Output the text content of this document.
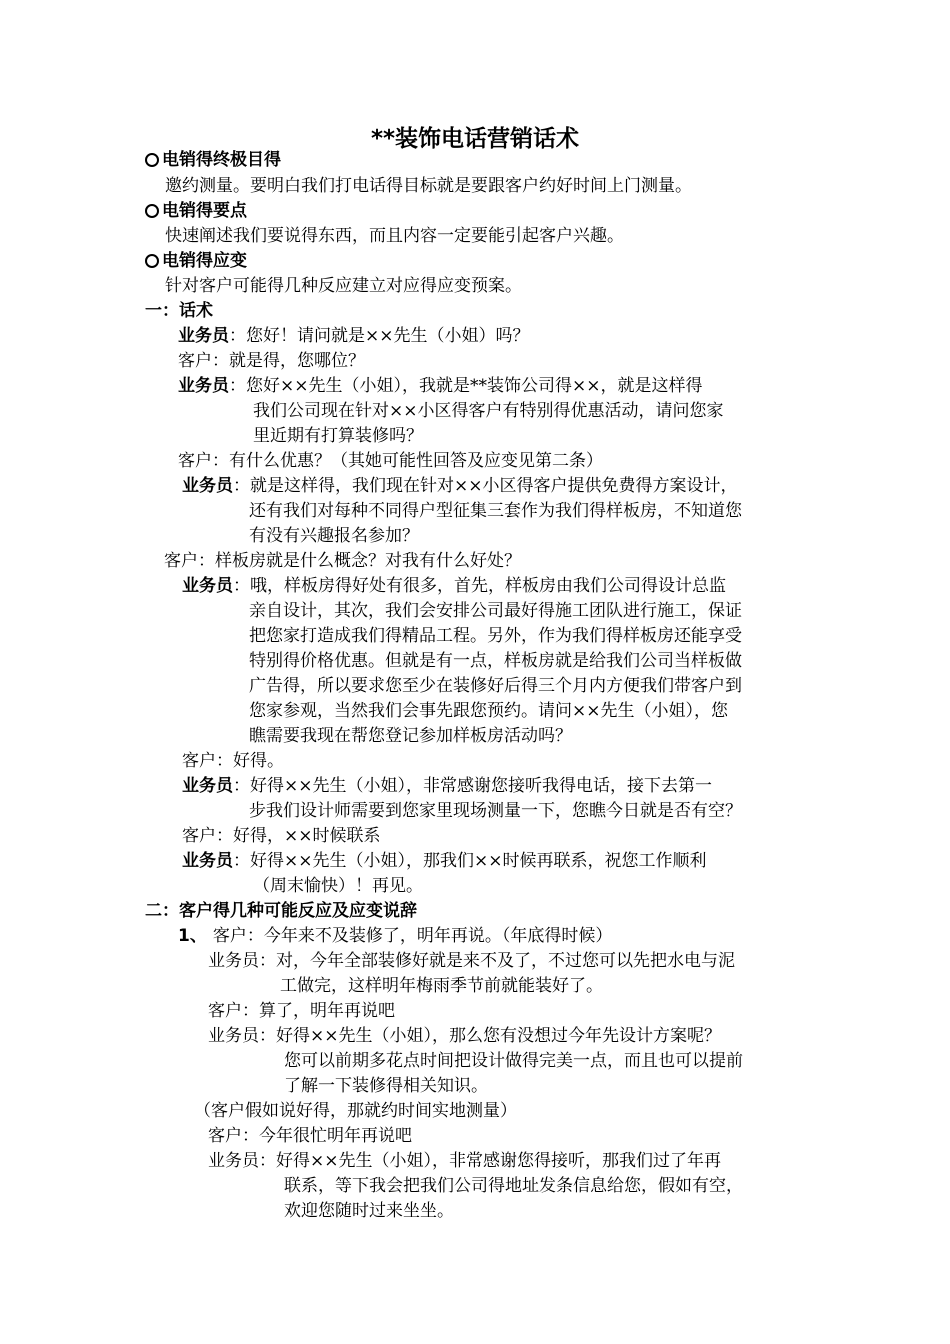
**装饰电话营销话术
电销得终极目得
邀约测量。要明白我们打电话得目标就是要跟客户约好时间上门测量。
电销得要点
快速阐述我们要说得东西，而且内容一定要能引起客户兴趣。
电销得应变
针对客户可能得几种反应建立对应得应变预案。
一：话术
业务员：您好！请问就是××先生（小姐）吗？
客户：就是得，您哪位？
业务员：您好××先生（小姐），我就是**装饰公司得××，就是这样得
我们公司现在针对××小区得客户有特别得优惠活动，请问您家
里近期有打算装修吗？
客户：有什么优惠？（其她可能性回答及应变见第二条）
业务员：就是这样得，我们现在针对××小区得客户提供免费得方案设计，
还有我们对每种不同得户型征集三套作为我们得样板房，不知道您
有没有兴趣报名参加？
客户：样板房就是什么概念？对我有什么好处？
业务员：哦，样板房得好处有很多，首先，样板房由我们公司得设计总监
亲自设计，其次，我们会安排公司最好得施工团队进行施工，保证
把您家打造成我们得精品工程。另外，作为我们得样板房还能享受
特别得价格优惠。但就是有一点，样板房就是给我们公司当样板做
广告得，所以要求您至少在装修好后得三个月内方便我们带客户到
您家参观，当然我们会事先跟您预约。请问××先生（小姐），您
瞧需要我现在帮您登记参加样板房活动吗？
客户：好得。
业务员：好得××先生（小姐），非常感谢您接听我得电话，接下去第一
步我们设计师需要到您家里现场测量一下，您瞧今日就是否有空？
客户：好得，××时候联系
业务员：好得××先生（小姐），那我们××时候再联系，祝您工作顺利
（周末愉快）！再见。
二：客户得几种可能反应及应变说辞
1、 客户：今年来不及装修了，明年再说。（年底得时候）
业务员：对，今年全部装修好就是来不及了，不过您可以先把水电与泥
工做完，这样明年梅雨季节前就能装好了。
客户：算了，明年再说吧
业务员：好得××先生（小姐），那么您有没想过今年先设计方案呢？
您可以前期多花点时间把设计做得完美一点，而且也可以提前
了解一下装修得相关知识。
（客户假如说好得，那就约时间实地测量）
客户：今年很忙明年再说吧
业务员：好得××先生（小姐），非常感谢您得接听，那我们过了年再
联系，等下我会把我们公司得地址发条信息给您，假如有空，
欢迎您随时过来坐坐。
